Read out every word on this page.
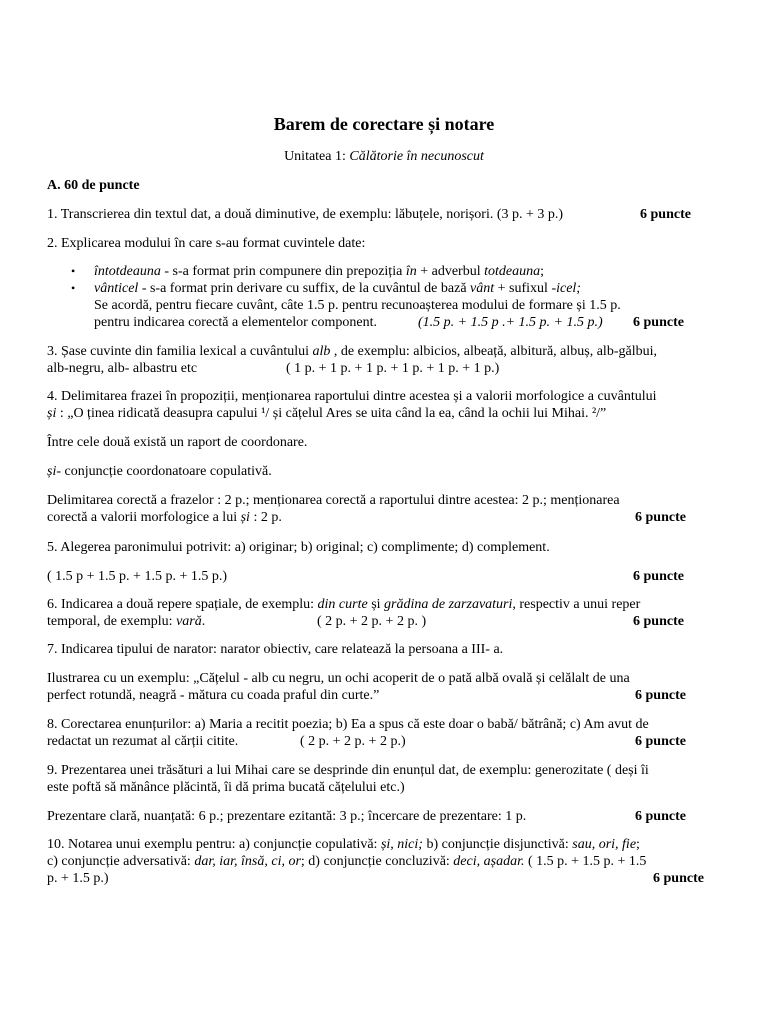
Barem de corectare și notare
Unitatea 1: Călătorie în necunoscut
A. 60 de puncte
1. Transcrierea din textul dat, a două diminutive, de exemplu: lăbuțele, norișori. (3 p. + 3 p.)	6 puncte
2. Explicarea modului în care s-au format cuvintele date:
• întotdeauna - s-a format prin compunere din prepoziția în + adverbul totdeauna;
• vânticel - s-a format prin derivare cu suffix, de la cuvântul de bază vânt + sufixul -icel;
Se acordă, pentru fiecare cuvânt, câte 1.5 p. pentru recunoașterea modului de formare și 1.5 p.
pentru indicarea corectă a elementelor component.	(1.5 p. + 1.5 p .+ 1.5 p. + 1.5 p.) 6 puncte
3. Șase cuvinte din familia lexical a cuvântului alb , de exemplu: albicios, albeață, albitură, albuș, alb-gălbui,
alb-negru, alb- albastru etc	( 1 p. + 1 p. + 1 p. + 1 p. + 1 p. + 1 p.)
4. Delimitarea frazei în propoziții, menționarea raportului dintre acestea și a valorii morfologice a cuvântului
și : „O ținea ridicată deasupra capului ¹/ și cățelul Ares se uita când la ea, când la ochii lui Mihai. ²/”
Între cele două există un raport de coordonare.
și- conjuncție coordonatoare copulativă.
Delimitarea corectă a frazelor : 2 p.; menționarea corectă a raportului dintre acestea: 2 p.; menționarea
corectă a valorii morfologice a lui și : 2 p.	6 puncte
5. Alegerea paronimului potrivit: a) originar; b) original; c) complimente; d) complement.
( 1.5 p + 1.5 p. + 1.5 p. + 1.5 p.)	6 puncte
6. Indicarea a două repere spațiale, de exemplu: din curte și grădina de zarzavaturi, respectiv a unui reper
temporal, de exemplu: vară.	( 2 p. + 2 p. + 2 p. )	6 puncte
7. Indicarea tipului de narator: narator obiectiv, care relatează la persoana a III- a.
Ilustrarea cu un exemplu: „Cățelul - alb cu negru, un ochi acoperit de o pată albă ovală și celălalt de una
perfect rotundă, neagră - mătura cu coada praful din curte.”	6 puncte
8. Corectarea enunțurilor: a) Maria a recitit poezia; b) Ea a spus că este doar o babă/ bătrână; c) Am avut de
redactat un rezumat al cărții citite.	( 2 p. + 2 p. + 2 p.)	6 puncte
9. Prezentarea unei trăsături a lui Mihai care se desprinde din enunțul dat, de exemplu: generozitate ( deși îi
este poftă să mănânce plăcintă, îi dă prima bucată cățelului etc.)
Prezentare clară, nuanțată: 6 p.; prezentare ezitantă: 3 p.; încercare de prezentare: 1 p.	6 puncte
10. Notarea unui exemplu pentru: a) conjuncție copulativă: și, nici; b) conjuncție disjunctivă: sau, ori, fie;
c) conjuncție adversativă: dar, iar, însă, ci, or; d) conjuncție concluzivă: deci, așadar. ( 1.5 p. + 1.5 p. + 1.5
p. + 1.5 p.)	6 puncte
